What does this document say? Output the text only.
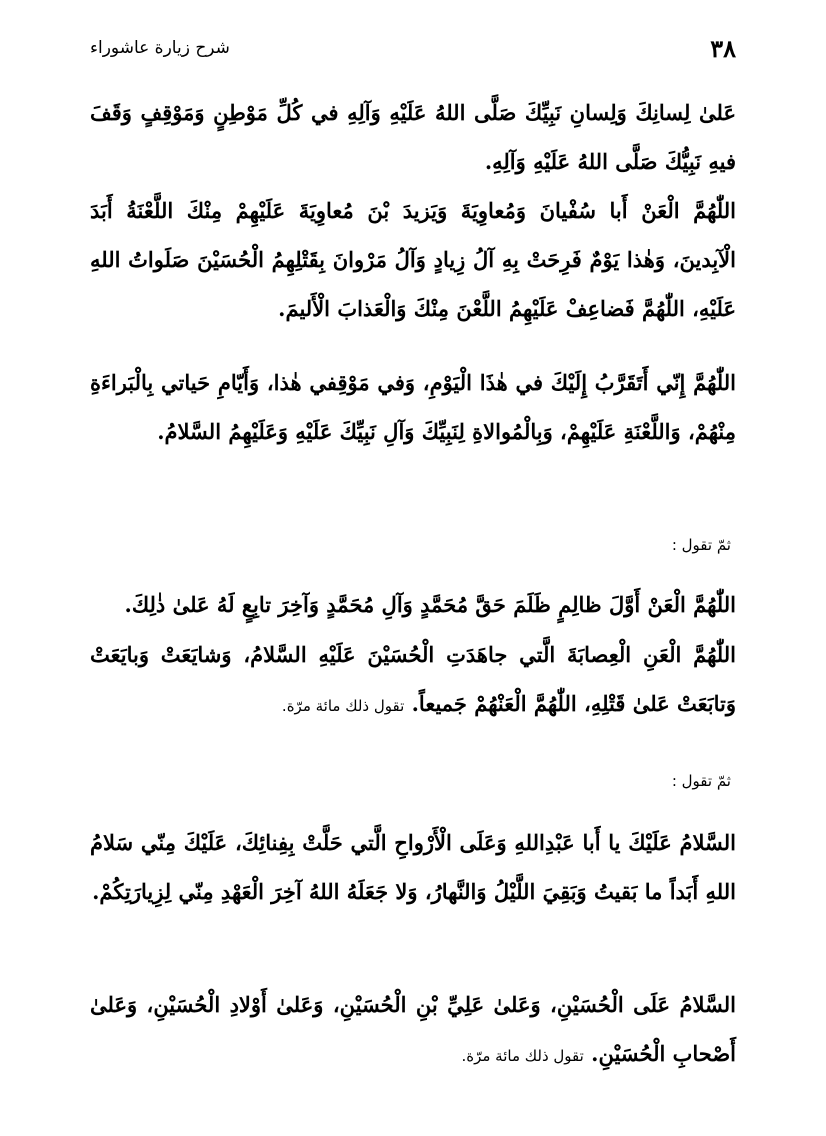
٣٨
شرح زيارة عاشوراء

عَلىٰ لِسانِكَ وَلِسانِ نَبِيِّكَ صَلَّى اللهُ عَلَيْهِ وَآلِهِ في كُلِّ مَوْطِنٍ وَمَوْقِفٍ وَقَفَ فيهِ نَبِيُّكَ صَلَّى اللهُ عَلَيْهِ وَآلِهِ.

اللّٰهُمَّ الْعَنْ أَبا سُفْيانَ وَمُعاوِيَةَ وَيَزيدَ بْنَ مُعاوِيَةَ عَلَيْهِمْ مِنْكَ اللَّعْنَةُ أَبَدَ الْآبِدينَ، وَهٰذا يَوْمٌ فَرِحَتْ بِهِ آلُ زِيادٍ وَآلُ مَرْوانَ بِقَتْلِهِمُ الْحُسَيْنَ صَلَواتُ اللهِ عَلَيْهِ، اللّٰهُمَّ فَضاعِفْ عَلَيْهِمُ اللَّعْنَ مِنْكَ وَالْعَذابَ الْأَليمَ.

اللّٰهُمَّ إِنّي أَتَقَرَّبُ إِلَيْكَ في هٰذَا الْيَوْمِ، وَفي مَوْقِفي هٰذا، وَأَيّامِ حَياتي بِالْبَراءَةِ مِنْهُمْ، وَاللَّعْنَةِ عَلَيْهِمْ، وَبِالْمُوالاةِ لِنَبِيِّكَ وَآلِ نَبِيِّكَ عَلَيْهِ وَعَلَيْهِمُ السَّلامُ.

ثمّ تقول :

اللّٰهُمَّ الْعَنْ أَوَّلَ ظالِمٍ ظَلَمَ حَقَّ مُحَمَّدٍ وَآلِ مُحَمَّدٍ وَآخِرَ تابِعٍ لَهُ عَلىٰ ذٰلِكَ.

اللّٰهُمَّ الْعَنِ الْعِصابَةَ الَّتي جاهَدَتِ الْحُسَيْنَ عَلَيْهِ السَّلامُ، وَشايَعَتْ وَبايَعَتْ وَتابَعَتْ عَلىٰ قَتْلِهِ، اللّٰهُمَّ الْعَنْهُمْ جَميعاً. تقول ذلك مائة مرّة.

ثمّ تقول :

السَّلامُ عَلَيْكَ يا أَبا عَبْدِاللهِ وَعَلَى الْأَرْواحِ الَّتي حَلَّتْ بِفِنائِكَ، عَلَيْكَ مِنّي سَلامُ اللهِ أَبَداً ما بَقيتُ وَبَقِيَ اللَّيْلُ وَالنَّهارُ، وَلا جَعَلَهُ اللهُ آخِرَ الْعَهْدِ مِنّي لِزِيارَتِكُمْ.

السَّلامُ عَلَى الْحُسَيْنِ، وَعَلىٰ عَلِيِّ بْنِ الْحُسَيْنِ، وَعَلىٰ أَوْلادِ الْحُسَيْنِ، وَعَلىٰ أَصْحابِ الْحُسَيْنِ. تقول ذلك مائة مرّة.
